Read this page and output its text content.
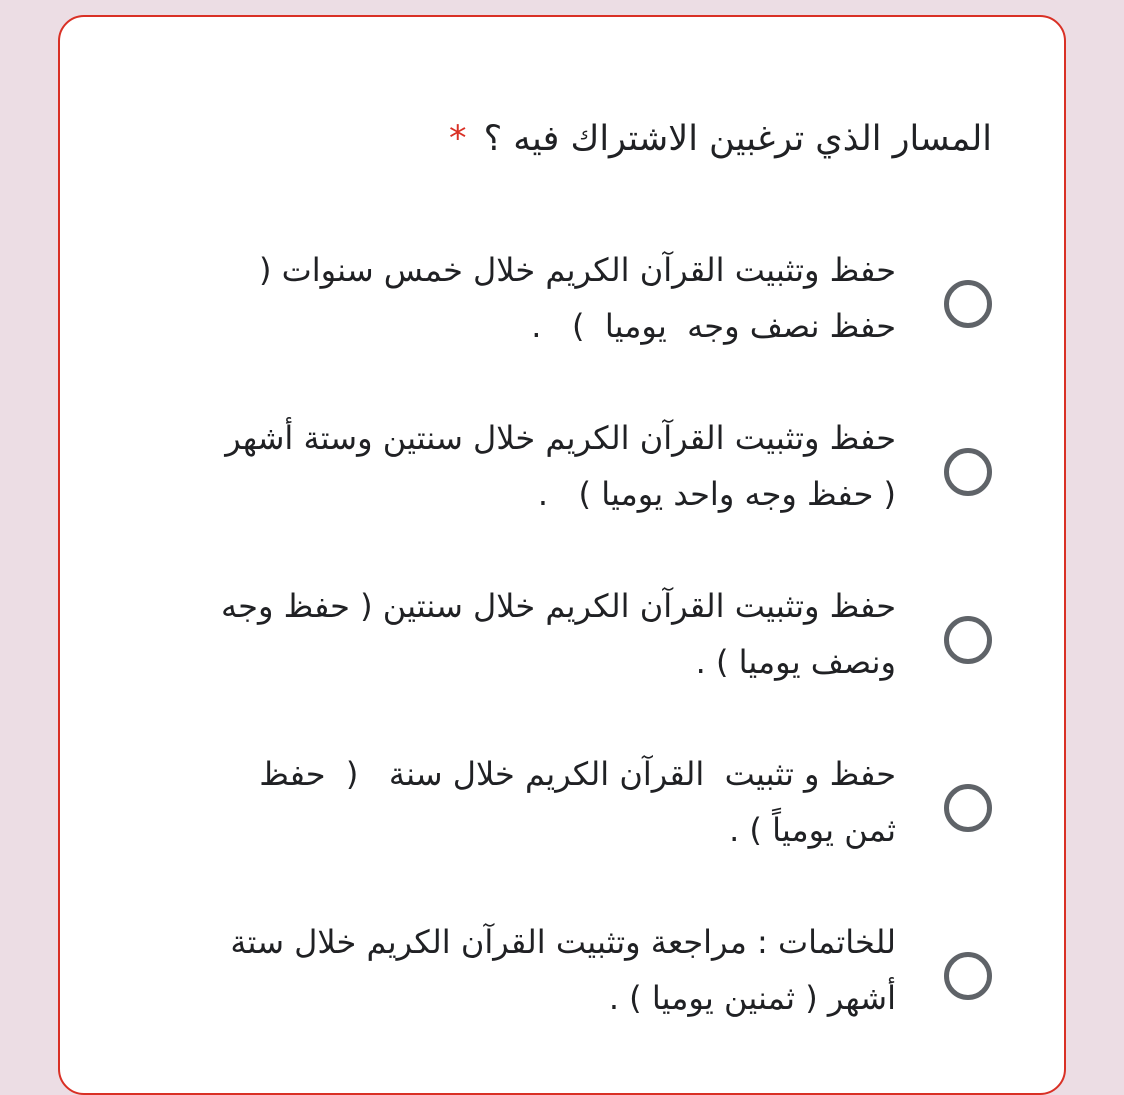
المسار الذي ترغبين الاشتراك فيه ؟ *
حفظ وتثبيت القرآن الكريم خلال خمس سنوات (
حفظ نصف وجه  يوميا  )   .
حفظ وتثبيت القرآن الكريم خلال سنتين وستة أشهر
( حفظ وجه واحد يوميا )   .
حفظ وتثبيت القرآن الكريم خلال سنتين ( حفظ وجه
ونصف يوميا ) .
حفظ و تثبيت  القرآن الكريم خلال سنة   (  حفظ
ثمن يومياً ) .
للخاتمات : مراجعة وتثبيت القرآن الكريم خلال ستة
أشهر ( ثمنين يوميا ) .
